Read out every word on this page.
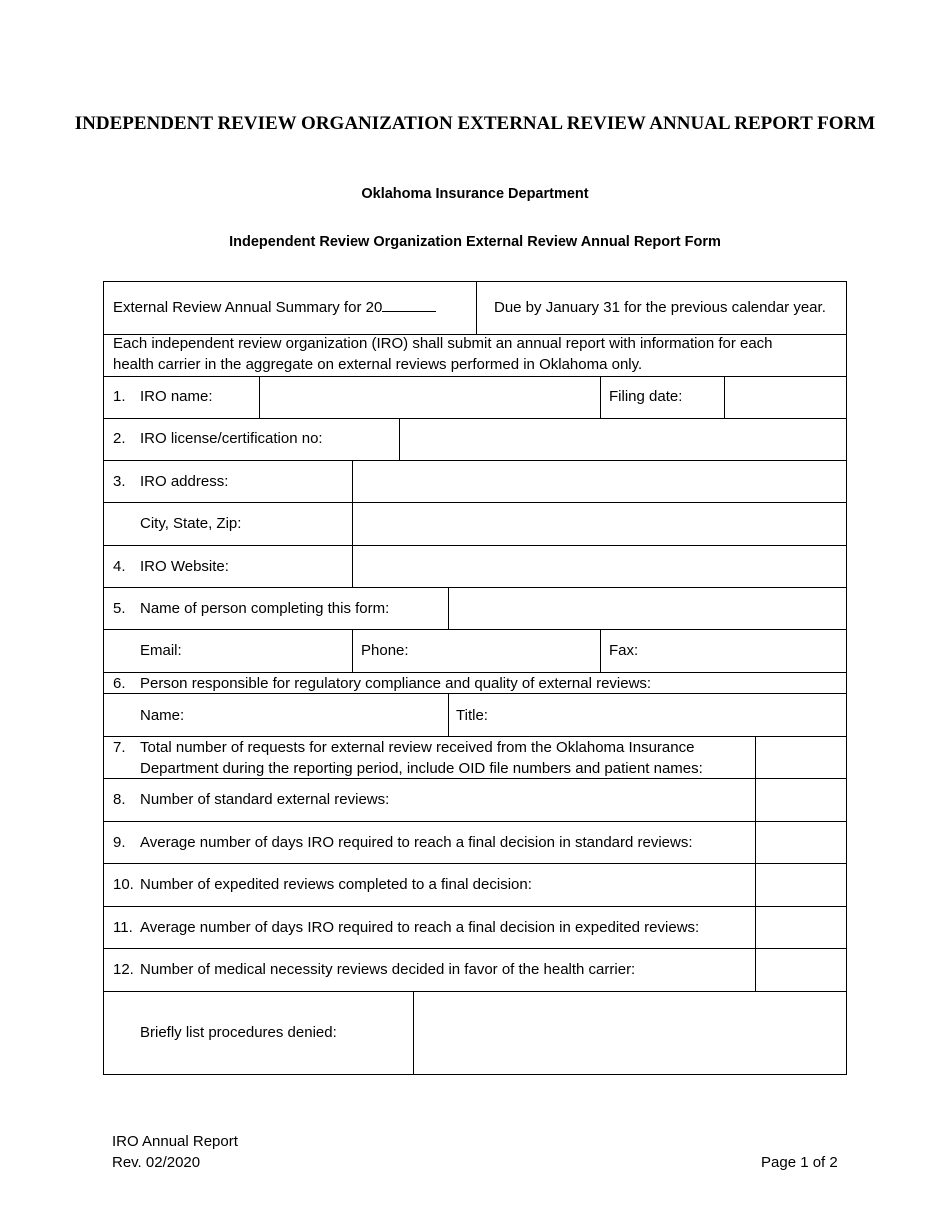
INDEPENDENT REVIEW ORGANIZATION EXTERNAL REVIEW ANNUAL REPORT FORM
Oklahoma Insurance Department
Independent Review Organization External Review Annual Report Form
External Review Annual Summary for 20	Due by January 31 for the previous calendar year.
Each independent review organization (IRO) shall submit an annual report with information for each
health carrier in the aggregate on external reviews performed in Oklahoma only.
1. IRO name:	Filing date:
2. IRO license/certification no:
3. IRO address:
City, State, Zip:
4. IRO Website:
5. Name of person completing this form:
Email:	Phone:	Fax:
6. Person responsible for regulatory compliance and quality of external reviews:
Name:	Title:
7. Total number of requests for external review received from the Oklahoma Insurance
Department during the reporting period, include OID file numbers and patient names:
8. Number of standard external reviews:
9. Average number of days IRO required to reach a final decision in standard reviews:
10. Number of expedited reviews completed to a final decision:
11. Average number of days IRO required to reach a final decision in expedited reviews:
12. Number of medical necessity reviews decided in favor of the health carrier:
Briefly list procedures denied:
IRO Annual Report
Rev. 02/2020	Page 1 of 2
